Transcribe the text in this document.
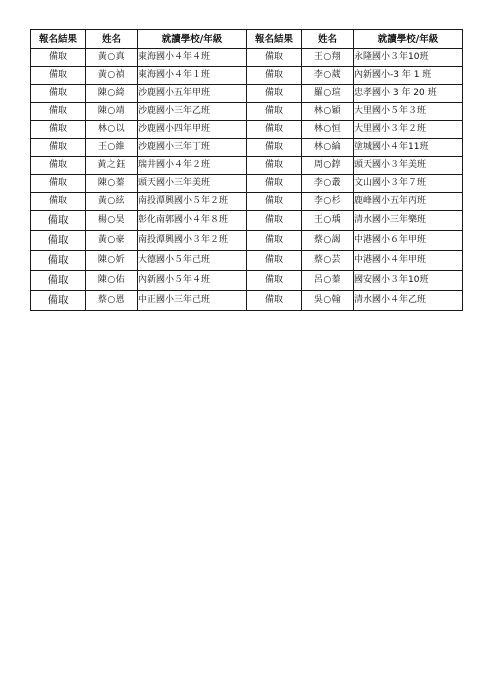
報名結果	姓名	就讀學校/年級	報名結果	姓名	就讀學校/年級
備取	黃○真	東海國小４年４班	備取	王○翔	永隆國小３年10班
備取	黃○禎	東海國小４年１班	備取	李○葳	內新國小-3 年 1 班
備取	陳○綺	沙鹿國小五年甲班	備取	羅○瑄	忠孝國小 3 年 20 班
備取	陳○靖	沙鹿國小三年乙班	備取	林○穎	大里國小５年３班
備取	林○以	沙鹿國小四年甲班	備取	林○恒	大里國小３年２班
備取	王○維	沙鹿國小三年丁班	備取	林○綸	塗城國小４年11班
備取	黃之鈺	瑞井國小４年２班	備取	周○錞	頭天國小３年美班
備取	陳○蓁	頭天國小三年美班	備取	李○叢	文山國小３年７班
備取	黃○絃	南投潭興國小５年２班	備取	李○杉	鹿峰國小五年丙班
備取	楊○昊	彰化南郭國小４年８班	備取	王○瑀	清水國小三年樂班
備取	黃○豪	南投潭興國小３年２班	備取	蔡○謁	中港國小６年甲班
備取	陳○妡	大德國小５年己班	備取	蔡○芸	中港國小４年甲班
備取	陳○佑	內新國小５年４班	備取	呂○蓁	國安國小３年10班
備取	蔡○恩	中正國小三年己班	備取	吳○翰	清水國小４年乙班
